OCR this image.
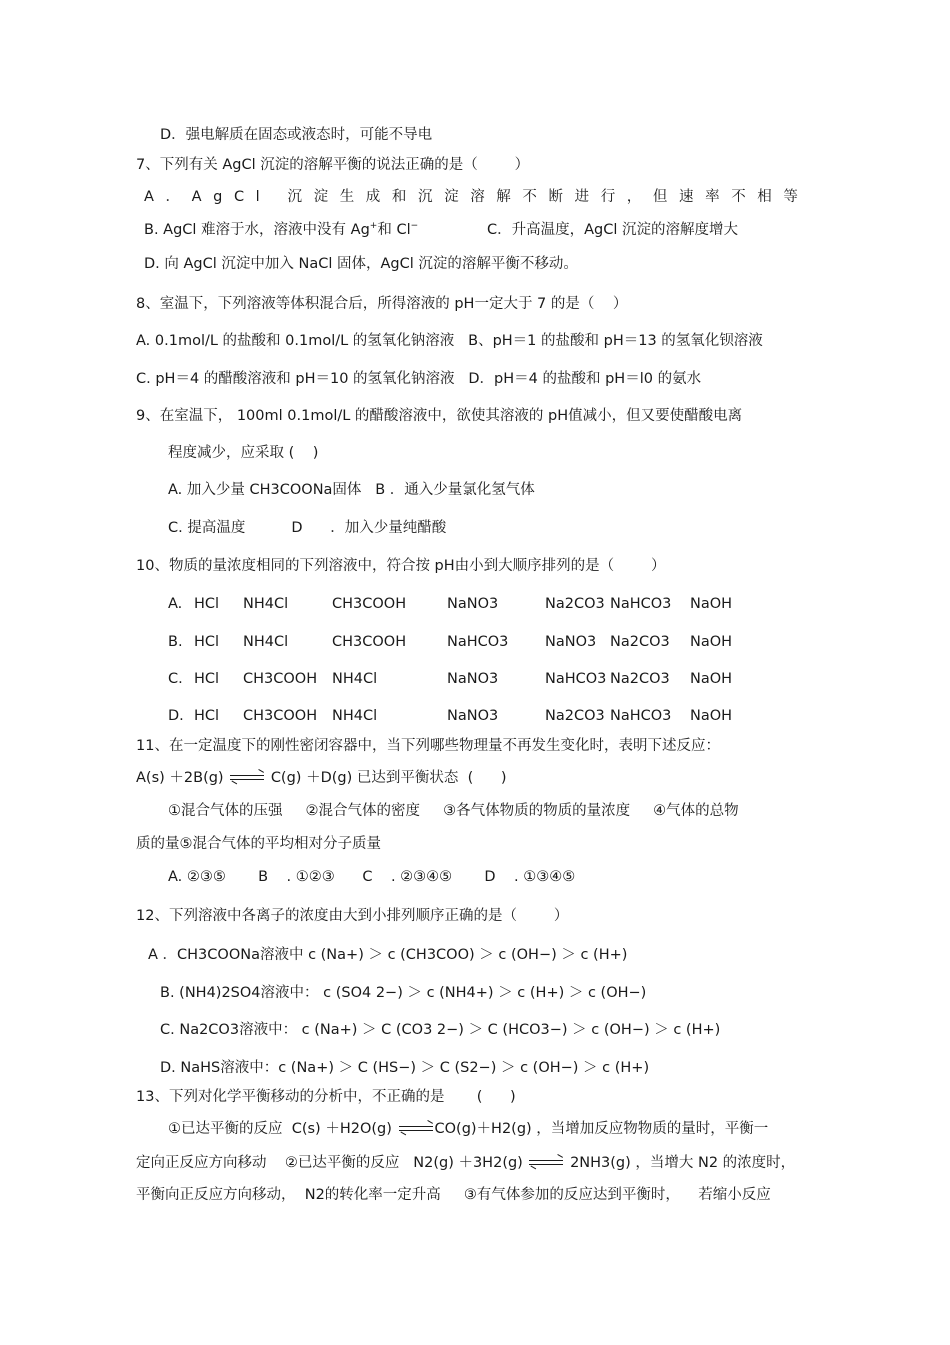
D．强电解质在固态或液态时，可能不导电
7、下列有关 AgCl 沉淀的溶解平衡的说法正确的是（        ）
A．AgCl 沉淀生成和沉淀溶解不断进行，但速率不相等
B. AgCl 难溶于水，溶液中没有 Ag+和 Cl−	C．升高温度，AgCl 沉淀的溶解度增大
D. 向 AgCl 沉淀中加入 NaCl 固体，AgCl 沉淀的溶解平衡不移动。
8、室温下，下列溶液等体积混合后，所得溶液的 pH一定大于 7 的是（    ）
A. 0.1mol/L 的盐酸和 0.1mol/L 的氢氧化钠溶液   B、pH＝1 的盐酸和 pH＝13 的氢氧化钡溶液
C. pH＝4 的醋酸溶液和 pH＝10 的氢氧化钠溶液   D．pH＝4 的盐酸和 pH＝l0 的氨水
9、在室温下， 100ml 0.1mol/L 的醋酸溶液中，欲使其溶液的 pH值减小，但又要使醋酸电离
程度减少，应采取 (    )
A. 加入少量 CH3COONa固体   B ．通入少量氯化氢气体
C. 提高温度          D      ．加入少量纯醋酸
10、物质的量浓度相同的下列溶液中，符合按 pH由小到大顺序排列的是（        ）
A. HCl NH4Cl	CH3COOH	NaNO3	Na2CO3 NaHCO3 NaOH
B. HCl NH4Cl	CH3COOH	NaHCO3	NaNO3 Na2CO3 NaOH
C. HCl CH3COOH NH4Cl	NaNO3	NaHCO3 Na2CO3 NaOH
D. HCl CH3COOH NH4Cl	NaNO3	Na2CO3 NaHCO3 NaOH
11、在一定温度下的刚性密闭容器中，当下列哪些物理量不再发生变化时，表明下述反应：
A(s) ＋2B(g)	C(g) ＋D(g) 已达到平衡状态  (      )
①混合气体的压强     ②混合气体的密度     ③各气体物质的物质的量浓度     ④气体的总物
质的量⑤混合气体的平均相对分子质量
A. ②③⑤       B    . ①②③      C    . ②③④⑤       D    . ①③④⑤
12、下列溶液中各离子的浓度由大到小排列顺序正确的是（        ）
A ．CH3COONa溶液中 c (Na+) ＞ c (CH3COO) ＞ c (OH−) ＞ c (H+)
B. (NH4)2SO4溶液中： c (SO4 2−) ＞ c (NH4+) ＞ c (H+) ＞ c (OH−)
C. Na2CO3溶液中： c (Na+) ＞ C (CO3 2−) ＞ C (HCO3−) ＞ c (OH−) ＞ c (H+)
D. NaHS溶液中：c (Na+) ＞ C (HS−) ＞ C (S2−) ＞ c (OH−) ＞ c (H+)
13、下列对化学平衡移动的分析中，不正确的是       (      )
①已达平衡的反应  C(s) ＋H2O(g)	CO(g)＋H2(g) ，当增加反应物物质的量时，平衡一
定向正反应方向移动    ②已达平衡的反应   N2(g) ＋3H2(g)	2NH3(g) ，当增大 N2 的浓度时，
平衡向正反应方向移动，  N2的转化率一定升高     ③有气体参加的反应达到平衡时，    若缩小反应
